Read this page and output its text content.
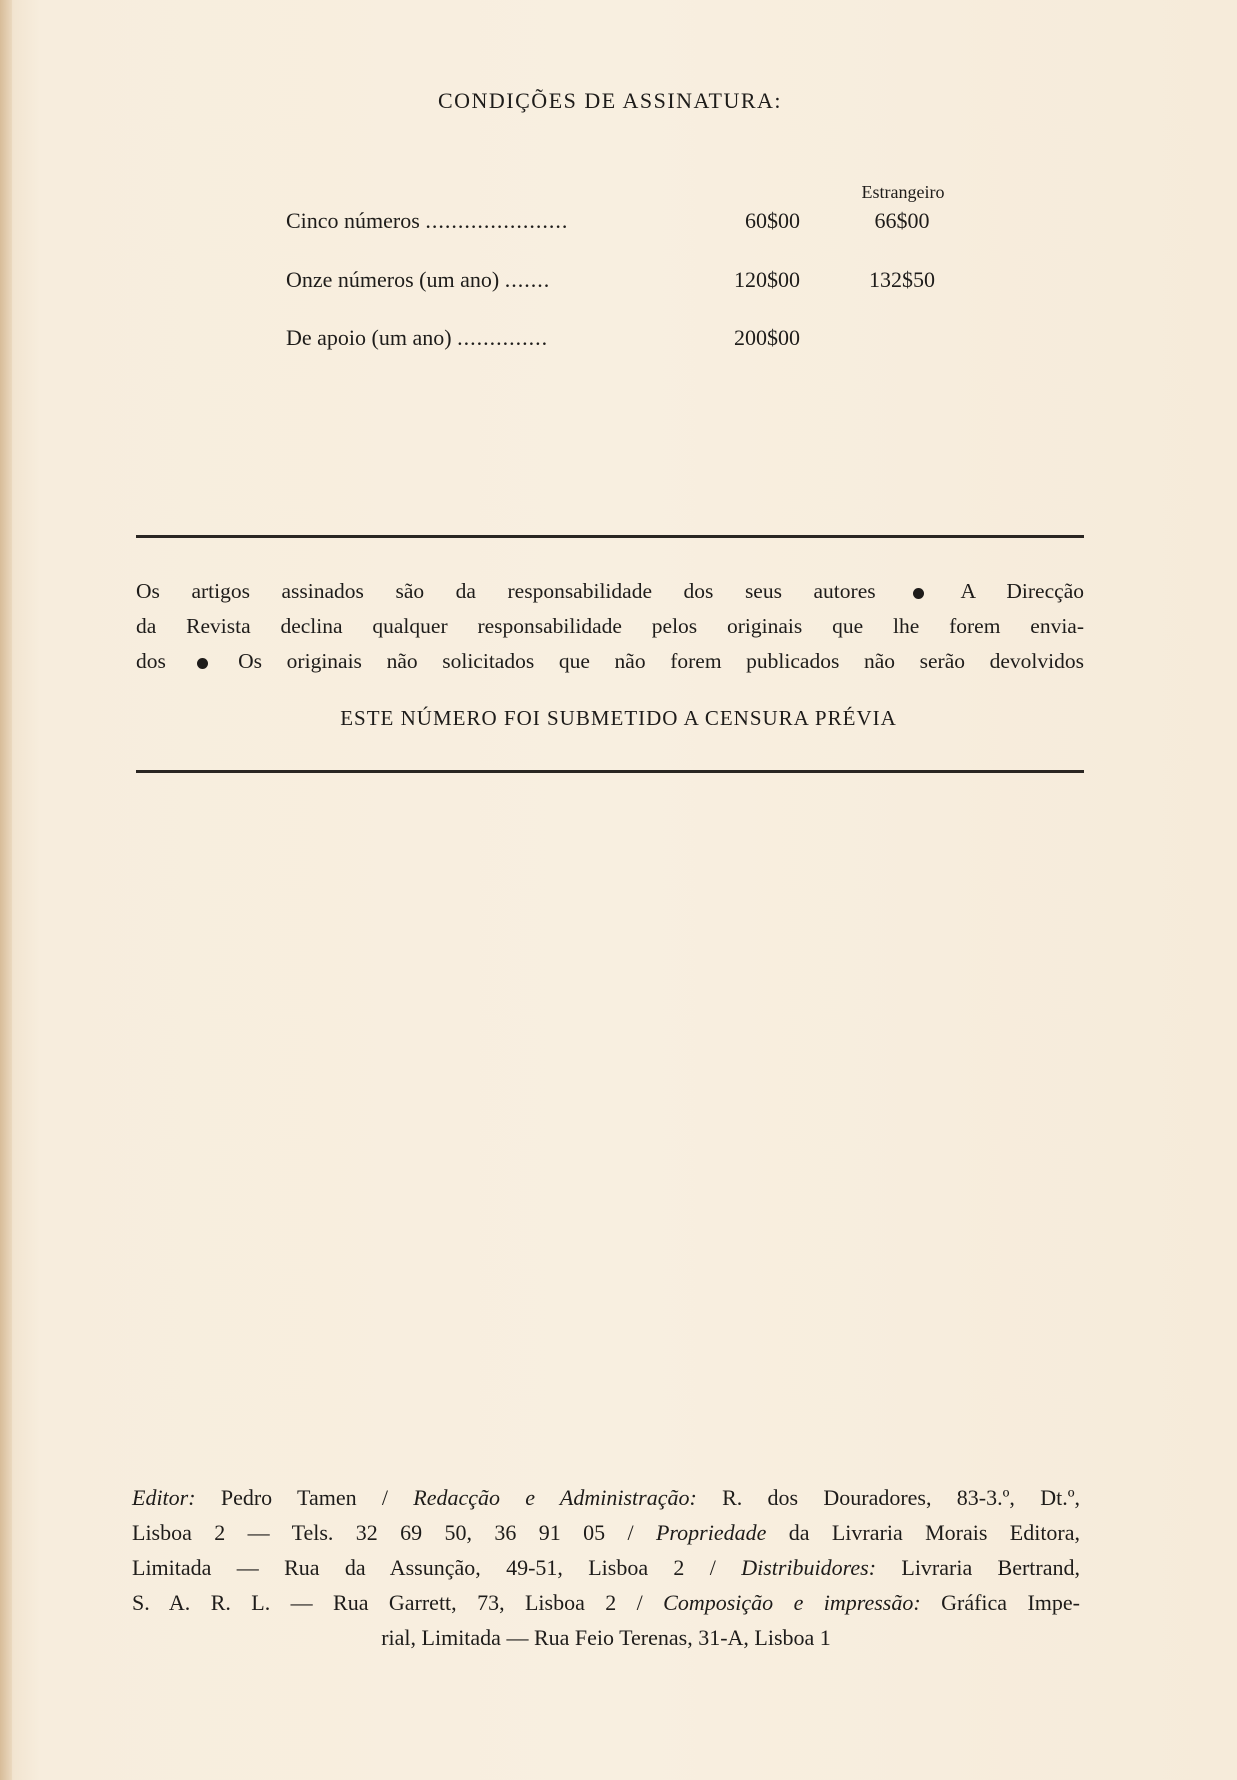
CONDIÇÕES DE ASSINATURA:
Estrangeiro
Cinco números ......................	60$00	66$00
Onze números (um ano) .......	120$00	132$50
De apoio (um ano) ..............	200$00
Os artigos assinados são da responsabilidade dos seus autores	A Direcção
da Revista declina qualquer responsabilidade pelos originais que lhe forem envia-
dos	Os originais não solicitados que não forem publicados não serão devolvidos
ESTE NÚMERO FOI SUBMETIDO A CENSURA PRÉVIA
Editor: Pedro Tamen / Redacção e Administração: R. dos Douradores, 83-3.º, Dt.º,
Lisboa 2 — Tels. 32 69 50, 36 91 05 / Propriedade da Livraria Morais Editora,
Limitada — Rua da Assunção, 49-51, Lisboa 2 / Distribuidores: Livraria Bertrand,
S. A. R. L. — Rua Garrett, 73, Lisboa 2 / Composição e impressão: Gráfica Impe-
rial, Limitada — Rua Feio Terenas, 31-A, Lisboa 1
